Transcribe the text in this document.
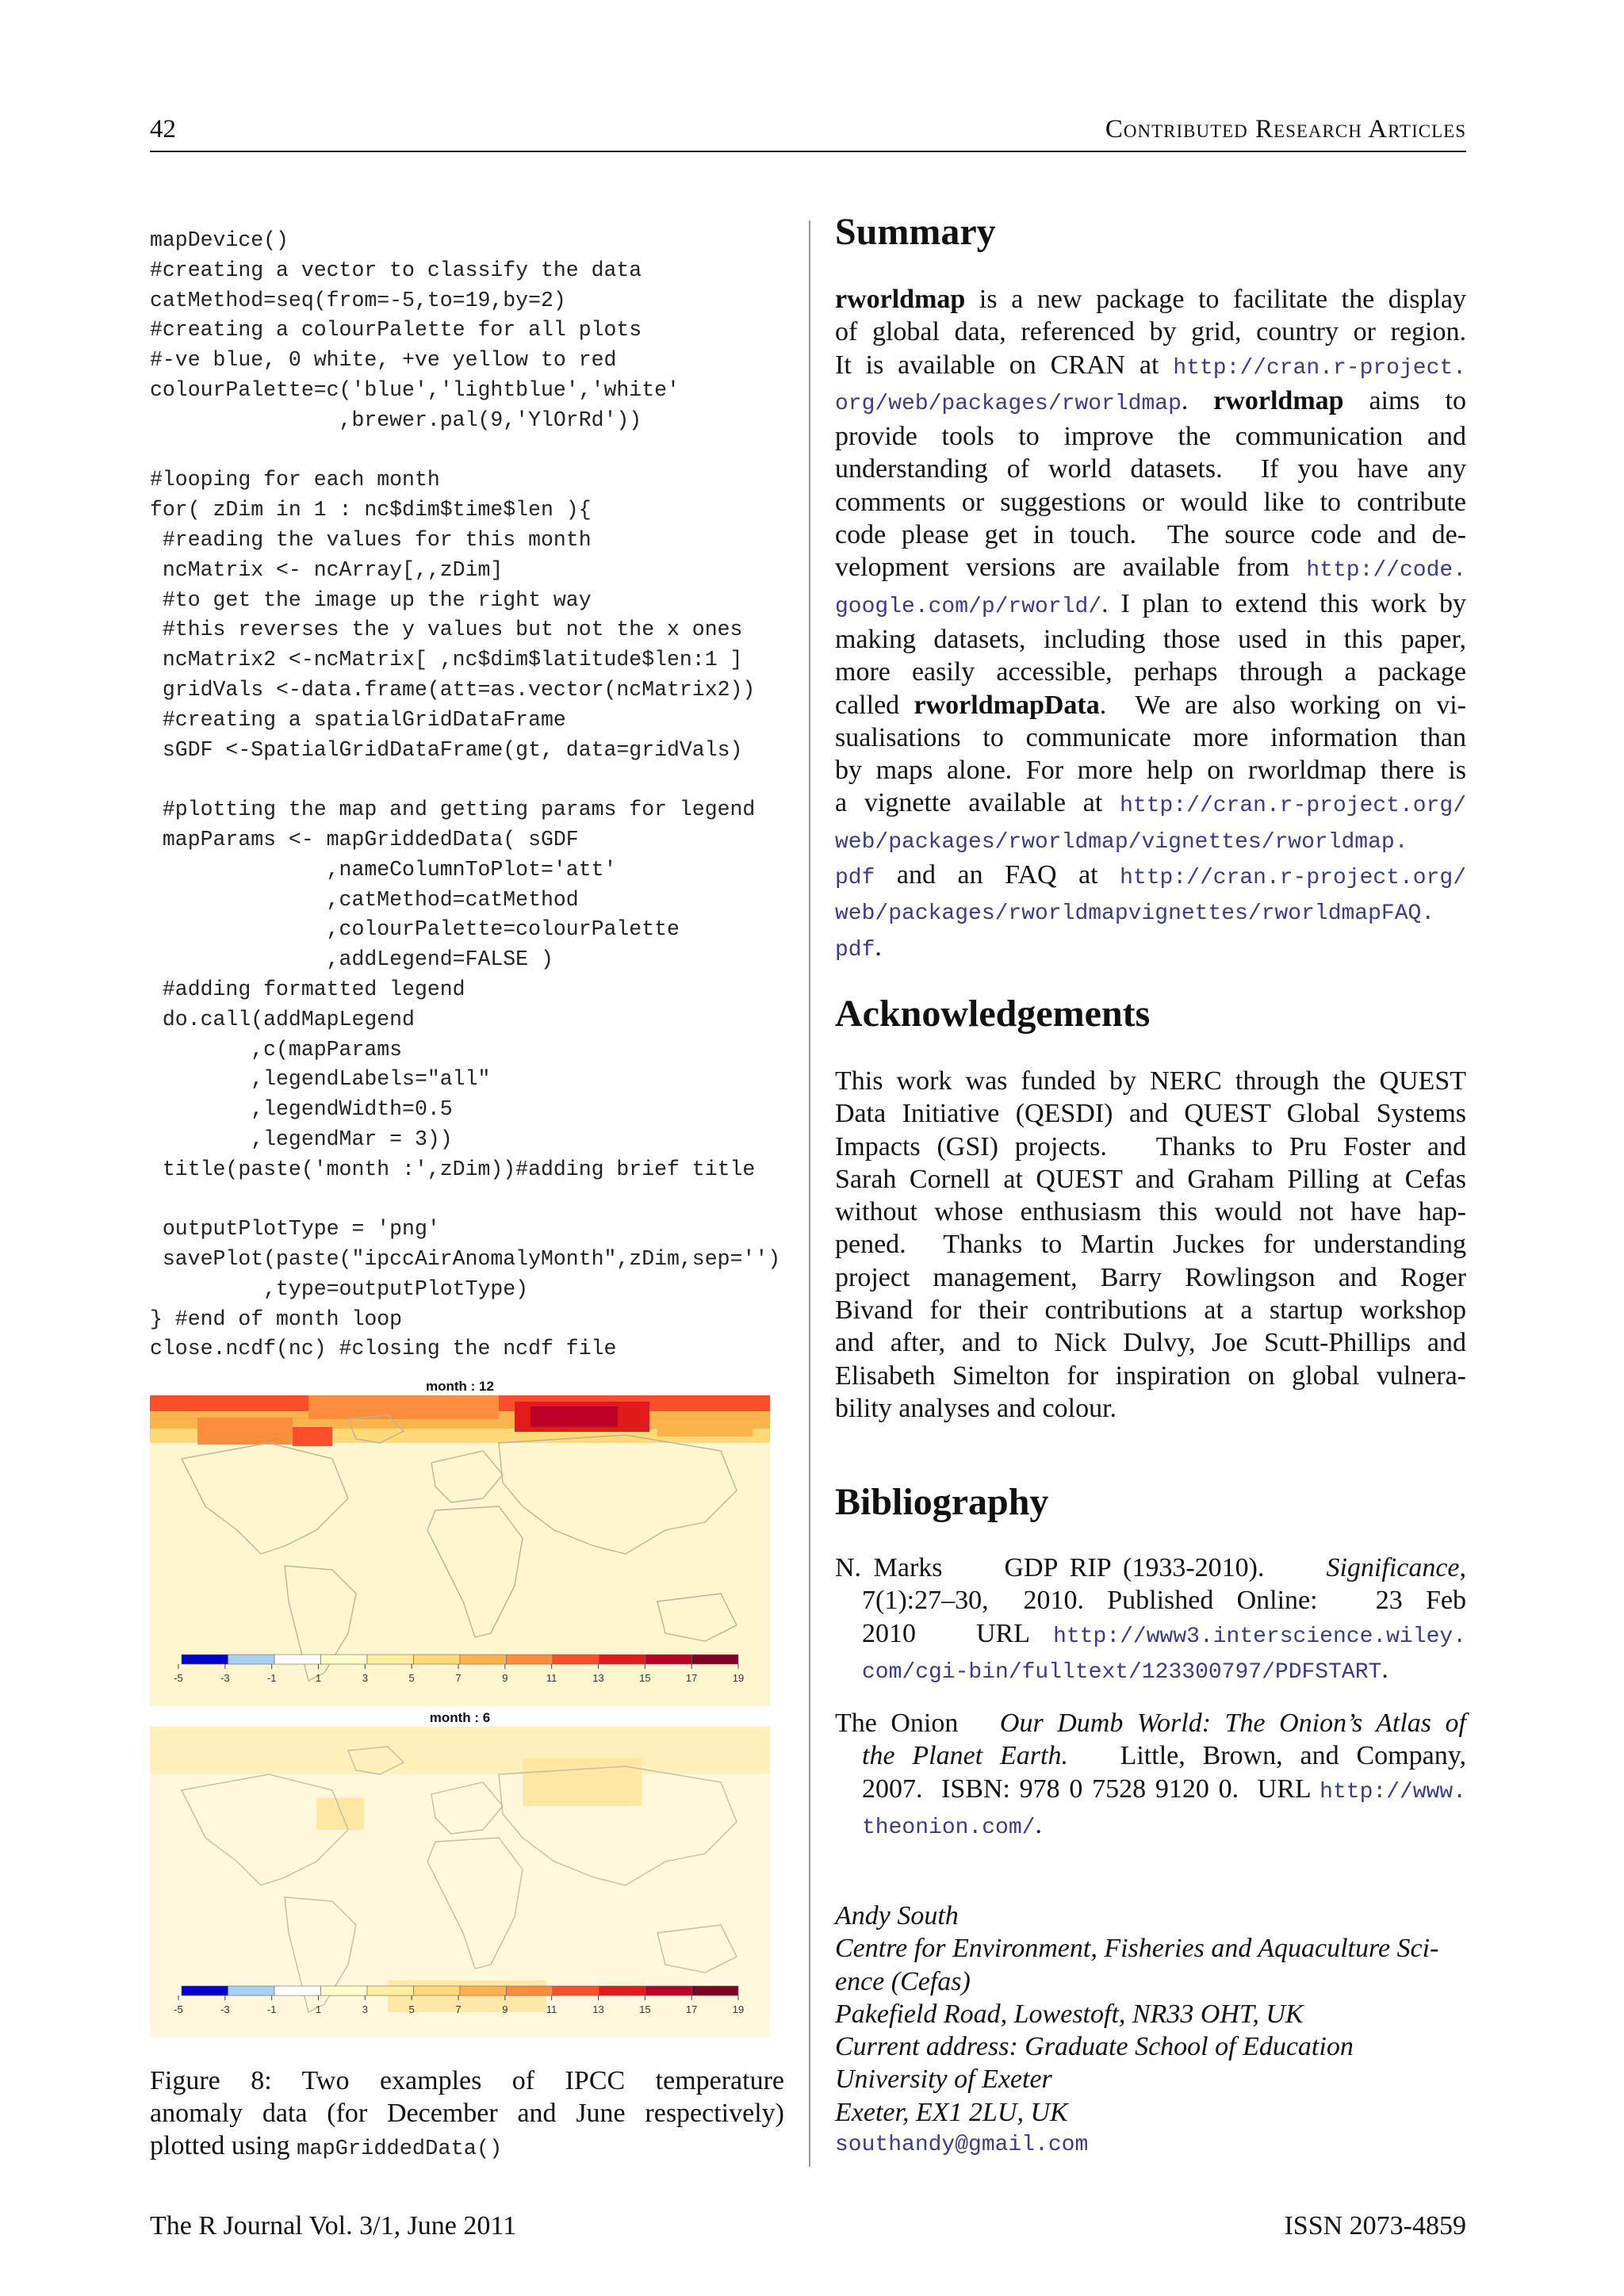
42	Contributed Research Articles
mapDevice()
#creating a vector to classify the data
catMethod=seq(from=-5,to=19,by=2)
#creating a colourPalette for all plots
#-ve blue, 0 white, +ve yellow to red
colourPalette=c('blue','lightblue','white'
,brewer.pal(9,'YlOrRd'))

#looping for each month
for( zDim in 1 : nc$dim$time$len ){
#reading the values for this month
ncMatrix <- ncArray[,,zDim]
#to get the image up the right way
#this reverses the y values but not the x ones
ncMatrix2 <-ncMatrix[ ,nc$dim$latitude$len:1 ]
gridVals <-data.frame(att=as.vector(ncMatrix2))
#creating a spatialGridDataFrame
sGDF <-SpatialGridDataFrame(gt, data=gridVals)

#plotting the map and getting params for legend
mapParams <- mapGriddedData( sGDF
,nameColumnToPlot='att'
,catMethod=catMethod
,colourPalette=colourPalette
,addLegend=FALSE )
#adding formatted legend
do.call(addMapLegend
,c(mapParams
,legendLabels="all"
,legendWidth=0.5
,legendMar = 3))
title(paste('month :',zDim))#adding brief title

outputPlotType = 'png'
savePlot(paste("ipccAirAnomalyMonth",zDim,sep='')
,type=outputPlotType)
} #end of month loop
close.ncdf(nc) #closing the ncdf file
month : 12
-5	-3	-1	1	3	5	7	9	11	13	15	17	19
month : 6
-5	-3	-1	1	3	5	7	9	11	13	15	17	19
Figure 8: Two examples of IPCC temperature
anomaly data (for December and June respectively)
plotted using mapGriddedData()
Summary
rworldmap is a new package to facilitate the display
of global data, referenced by grid, country or region.
It is available on CRAN at http://cran.r-project.
org/web/packages/rworldmap. rworldmap aims to
provide tools to improve the communication and
understanding of world datasets.  If you have any
comments or suggestions or would like to contribute
code please get in touch.  The source code and de-
velopment versions are available from http://code.
google.com/p/rworld/. I plan to extend this work by
making datasets, including those used in this paper,
more easily accessible, perhaps through a package
called rworldmapData.  We are also working on vi-
sualisations to communicate more information than
by maps alone. For more help on rworldmap there is
a vignette available at http://cran.r-project.org/
web/packages/rworldmap/vignettes/rworldmap.
pdf and an FAQ at http://cran.r-project.org/
web/packages/rworldmapvignettes/rworldmapFAQ.
pdf.
Acknowledgements
This work was funded by NERC through the QUEST
Data Initiative (QESDI) and QUEST Global Systems
Impacts (GSI) projects.   Thanks to Pru Foster and
Sarah Cornell at QUEST and Graham Pilling at Cefas
without whose enthusiasm this would not have hap-
pened.  Thanks to Martin Juckes for understanding
project management, Barry Rowlingson and Roger
Bivand for their contributions at a startup workshop
and after, and to Nick Dulvy, Joe Scutt-Phillips and
Elisabeth Simelton for inspiration on global vulnera-
bility analyses and colour.
Bibliography
N. Marks     GDP RIP (1933-2010).     Significance,
7(1):27–30,   2010.  Published  Online:     23  Feb
2010     URL  http://www3.interscience.wiley.
com/cgi-bin/fulltext/123300797/PDFSTART.
The Onion   Our Dumb World: The Onion’s Atlas of
the Planet Earth.   Little, Brown, and Company,
2007.  ISBN: 978 0 7528 9120 0.  URL http://www.
theonion.com/.
Andy South
Centre for Environment, Fisheries and Aquaculture Sci-
ence (Cefas)
Pakefield Road, Lowestoft, NR33 OHT, UK
Current address: Graduate School of Education
University of Exeter
Exeter, EX1 2LU, UK
southandy@gmail.com
The R Journal Vol. 3/1, June 2011	ISSN 2073-4859
